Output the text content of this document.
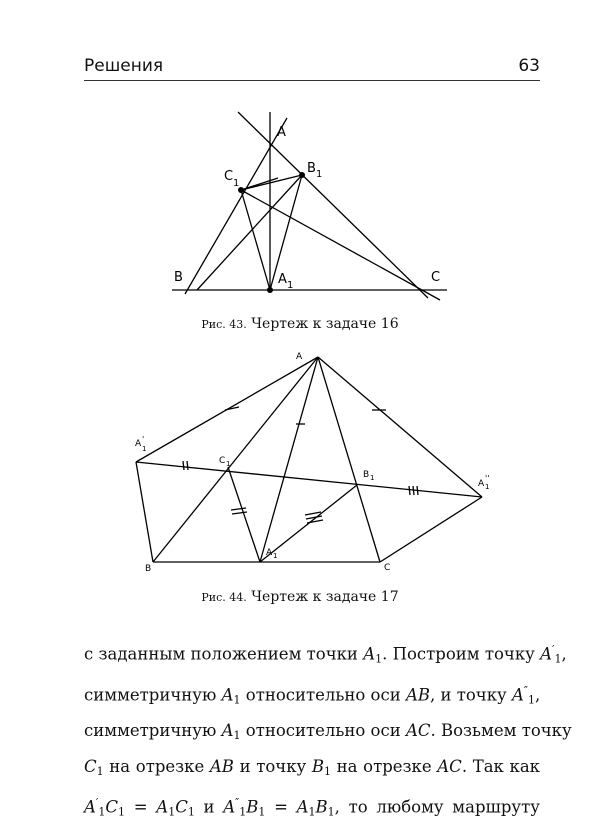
Решения	63
A
B 1
C 1
B	C
A 1
Рис. 43. Чертеж к задаче 16
A
A '
1
C 1
B 1
A
''
1
A 1
B	C
Рис. 44. Чертеж к задаче 17
с заданным положением точки $A_1$. Построим точку $A'_1$,
симметричную $A_1$ относительно оси AB, и точку $A''_1$,
симметричную $A_1$ относительно оси AC. Возьмем точку
$C_1$ на отрезке AB и точку $B_1$ на отрезке AC. Так как
$A'_1C_1 = A_1C_1$ и $A''_1B_1 = A_1B_1$, то любому маршруту
